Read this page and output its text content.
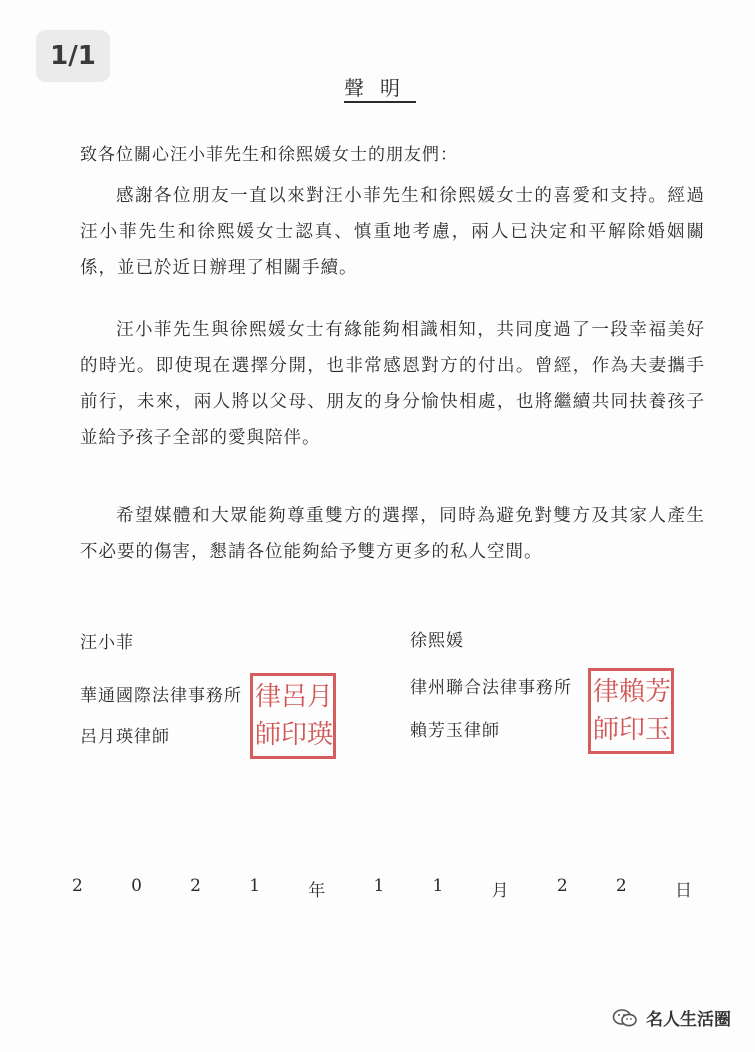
1/1
聲明
致各位關心汪小菲先生和徐熙媛女士的朋友們：

感謝各位朋友一直以來對汪小菲先生和徐熙媛女士的喜愛和支持。經過汪小菲先生和徐熙媛女士認真、慎重地考慮，兩人已決定和平解除婚姻關係，並已於近日辦理了相關手續。

汪小菲先生與徐熙媛女士有緣能夠相識相知，共同度過了一段幸福美好的時光。即使現在選擇分開，也非常感恩對方的付出。曾經，作為夫妻攜手前行，未來，兩人將以父母、朋友的身分愉快相處，也將繼續共同扶養孩子並給予孩子全部的愛與陪伴。

希望媒體和大眾能夠尊重雙方的選擇，同時為避免對雙方及其家人產生不必要的傷害，懇請各位能夠給予雙方更多的私人空間。

汪小菲
華通國際法律事務所
呂月瑛律師
律 呂 月
師 印 瑛
徐熙媛
律州聯合法律事務所
賴芳玉律師
律 賴 芳
師 印 玉
2	0	2	1	年	1	1	月	2	2	日
名人生活圈
